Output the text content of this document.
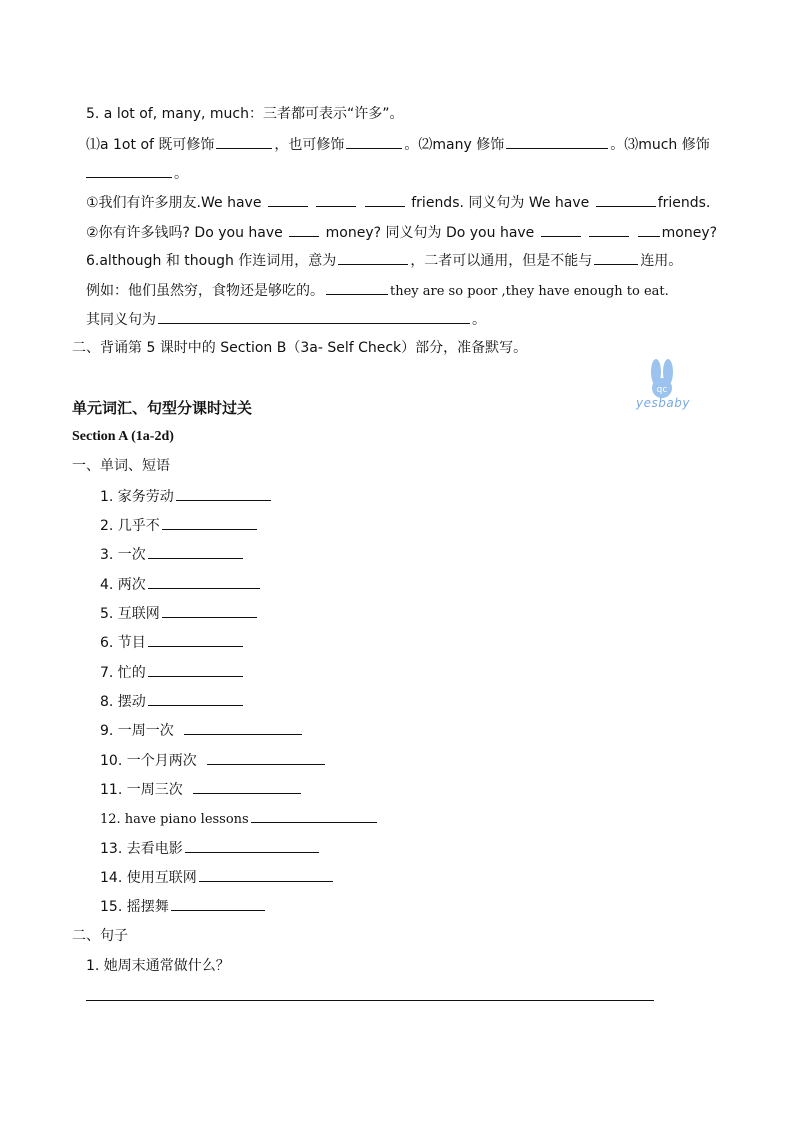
5. a lot of, many, much：三者都可表示“许多”。
⑴a 1ot of 既可修饰	，也可修饰	。⑵many 修饰	。⑶much 修饰
。
①我们有许多朋友.We have	friends. 同义句为 We have	friends．
②你有许多钱吗? Do you have	money? 同义句为 Do you have	money?
6.although 和 though 作连词用，意为	，二者可以通用，但是不能与	连用。
例如：他们虽然穷，食物还是够吃的。	they are so poor ,they have enough to eat.
其同义句为	。
二、背诵第 5 课时中的 Section B（3a- Self Check）部分，准备默写。
qc
yesbaby
单元词汇、句型分课时过关
Section A (1a-2d)
一、单词、短语
1. 家务劳动
2. 几乎不
3. 一次
4. 两次
5. 互联网
6. 节目
7. 忙的
8. 摆动
9. 一周一次
10. 一个月两次
11. 一周三次
12. have piano lessons
13. 去看电影
14. 使用互联网
15. 摇摆舞
二、句子
1. 她周末通常做什么？
